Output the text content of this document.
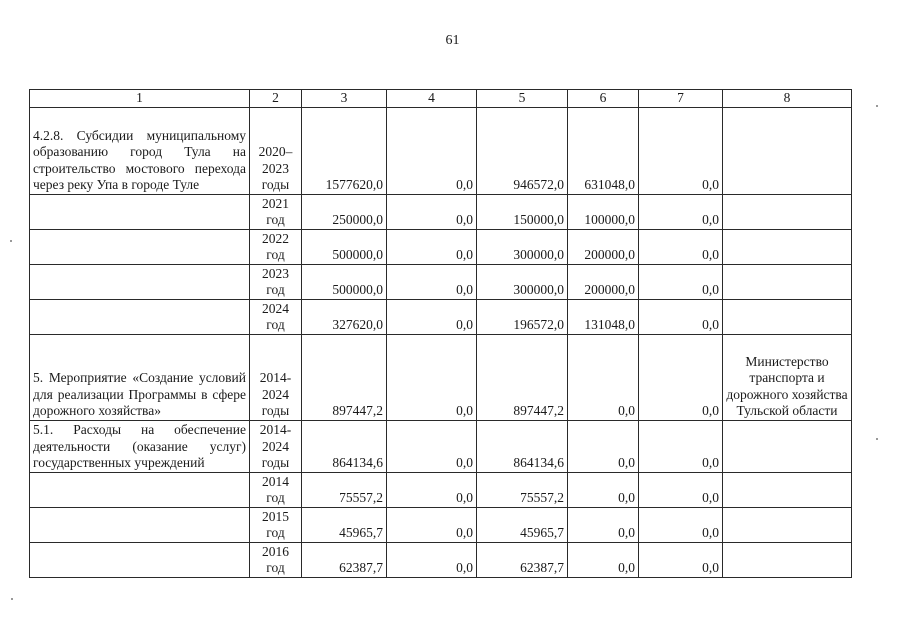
61
1	2	3	4	5	6	7	8
4.2.8. Субсидии муниципальному образованию город Тула на строительство мостового перехода через реку Упа в городе Туле	2020–2023 годы	1577620,0	0,0	946572,0	631048,0	0,0	
	2021 год	250000,0	0,0	150000,0	100000,0	0,0	
	2022 год	500000,0	0,0	300000,0	200000,0	0,0	
	2023 год	500000,0	0,0	300000,0	200000,0	0,0	
	2024 год	327620,0	0,0	196572,0	131048,0	0,0	
5. Мероприятие «Создание условий для реализации Программы в сфере дорожного хозяйства»	2014-2024 годы	897447,2	0,0	897447,2	0,0	0,0	Министерство транспорта и дорожного хозяйства Тульской области
5.1. Расходы на обеспечение деятельности (оказание услуг) государственных учреждений	2014-2024 годы	864134,6	0,0	864134,6	0,0	0,0	
	2014 год	75557,2	0,0	75557,2	0,0	0,0	
	2015 год	45965,7	0,0	45965,7	0,0	0,0	
	2016 год	62387,7	0,0	62387,7	0,0	0,0	
